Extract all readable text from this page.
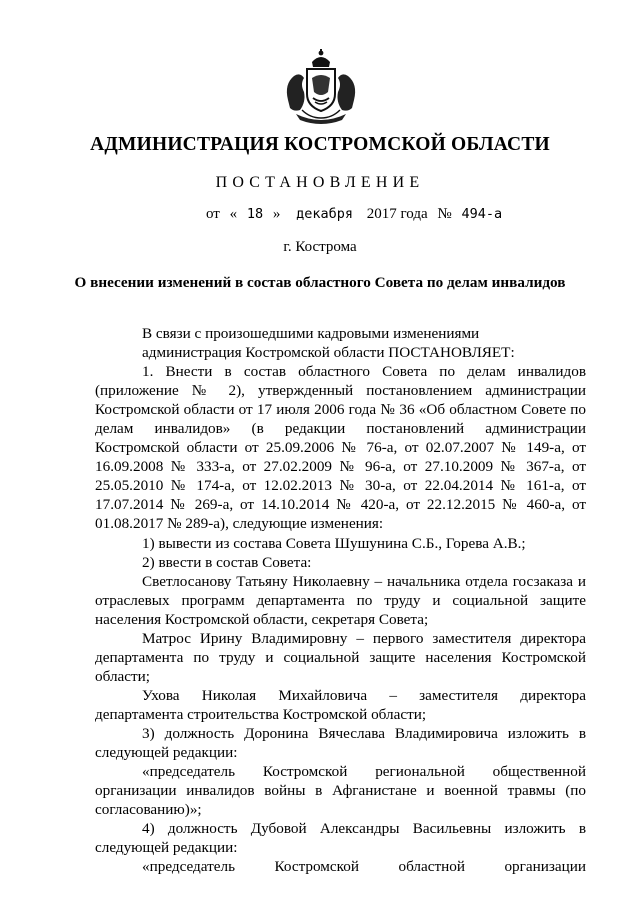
АДМИНИСТРАЦИЯ КОСТРОМСКОЙ ОБЛАСТИ
ПОСТАНОВЛЕНИЕ
от « 18 » декабря 2017 года № 494-а
г. Кострома
О внесении изменений в состав областного Совета по делам инвалидов

В связи с произошедшими кадровыми изменениями

администрация Костромской области ПОСТАНОВЛЯЕТ:

1. Внести в состав областного Совета по делам инвалидов (приложение № 2), утвержденный постановлением администрации Костромской области от 17 июля 2006 года № 36 «Об областном Совете по делам инвалидов» (в редакции постановлений администрации Костромской области от 25.09.2006 № 76-а, от 02.07.2007 № 149-а, от 16.09.2008 № 333-а, от 27.02.2009 № 96-а, от 27.10.2009 № 367-а, от 25.05.2010 № 174-а, от 12.02.2013 № 30-а, от 22.04.2014 № 161-а, от 17.07.2014 № 269-а, от 14.10.2014 № 420-а, от 22.12.2015 № 460-а, от 01.08.2017 № 289-а), следующие изменения:

1) вывести из состава Совета Шушунина С.Б., Горева А.В.;

2) ввести в состав Совета:

Светлосанову Татьяну Николаевну – начальника отдела госзаказа и отраслевых программ департамента по труду и социальной защите населения Костромской области, секретаря Совета;

Матрос Ирину Владимировну – первого заместителя директора департамента по труду и социальной защите населения Костромской области;

Ухова Николая Михайловича – заместителя директора департамента строительства Костромской области;

3) должность Доронина Вячеслава Владимировича изложить в следующей редакции:

«председатель Костромской региональной общественной организации инвалидов войны в Афганистане и военной травмы (по согласованию)»;

4) должность Дубовой Александры Васильевны изложить в следующей редакции:

«председатель Костромской областной организации
